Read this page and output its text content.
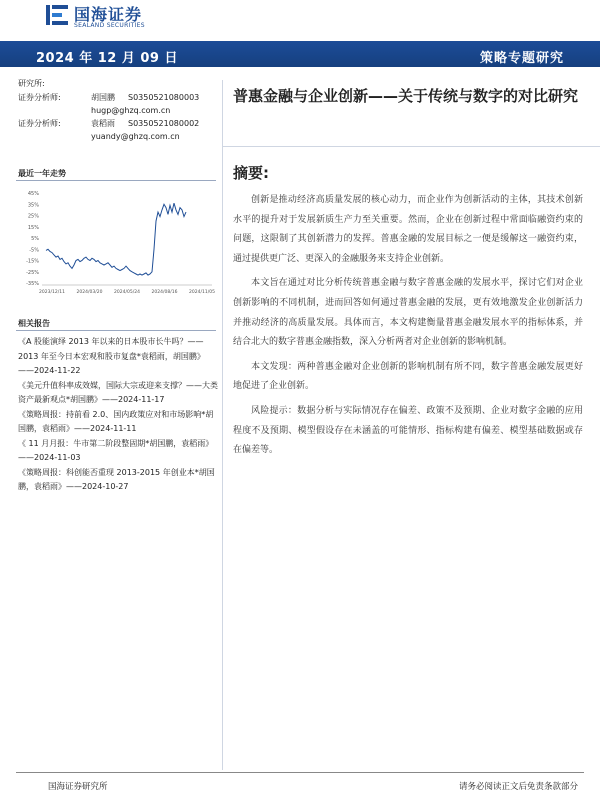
国海证券
SEALAND SECURITIES
2024 年 12 月 09 日	策略专题研究
研究所:
证券分析师:	胡国鹏 S0350521080003
hugp@ghzq.com.cn
证券分析师:	袁稻雨 S0350521080002
yuandy@ghzq.com.cn
最近一年走势
45%
35%
25%
15%
5%
-5%
-15%
-25%
-35%
2023/12/11	2024/03/20	2024/05/24	2024/08/16	2024/11/05
相关报告

《A 股能演绎 2013 年以来的日本股市长牛吗？——2013 年至今日本宏观和股市复盘*袁稻雨，胡国鹏》——2024-11-22

《美元升值科率成效媒，国际大宗或迎来支撑？——大类资产最新观点*胡国鹏》——2024-11-17

《策略周报：持前看 2.0、国内政策应对和市场影响*胡国鹏，袁稻雨》——2024-11-11

《 11 月月报：牛市第二阶段整固期*胡国鹏，袁稻雨》——2024-11-03

《策略周报：科创能否重现 2013-2015 年创业本*胡国鹏，袁稻雨》——2024-10-27

普惠金融与企业创新——关于传统与数字的对比研究
摘要:

创新是推动经济高质量发展的核心动力，而企业作为创新活动的主体，其技术创新水平的提升对于发展新质生产力至关重要。然而，企业在创新过程中常面临融资约束的问题，这限制了其创新潜力的发挥。普惠金融的发展目标之一便是缓解这一融资约束，通过提供更广泛、更深入的金融服务来支持企业创新。

本文旨在通过对比分析传统普惠金融与数字普惠金融的发展水平，探讨它们对企业创新影响的不同机制，进而回答如何通过普惠金融的发展，更有效地激发企业创新活力并推动经济的高质量发展。具体而言，本文构建衡量普惠金融发展水平的指标体系，并结合北大的数字普惠金融指数，深入分析两者对企业创新的影响机制。

本文发现：两种普惠金融对企业创新的影响机制有所不同，数字普惠金融发展更好地促进了企业创新。

风险提示：数据分析与实际情况存在偏差、政策不及预期、企业对数字金融的应用程度不及预期、模型假设存在未涵盖的可能情形、指标构建有偏差、模型基础数据或存在偏差等。

国海证券研究所	请务必阅读正文后免责条款部分
